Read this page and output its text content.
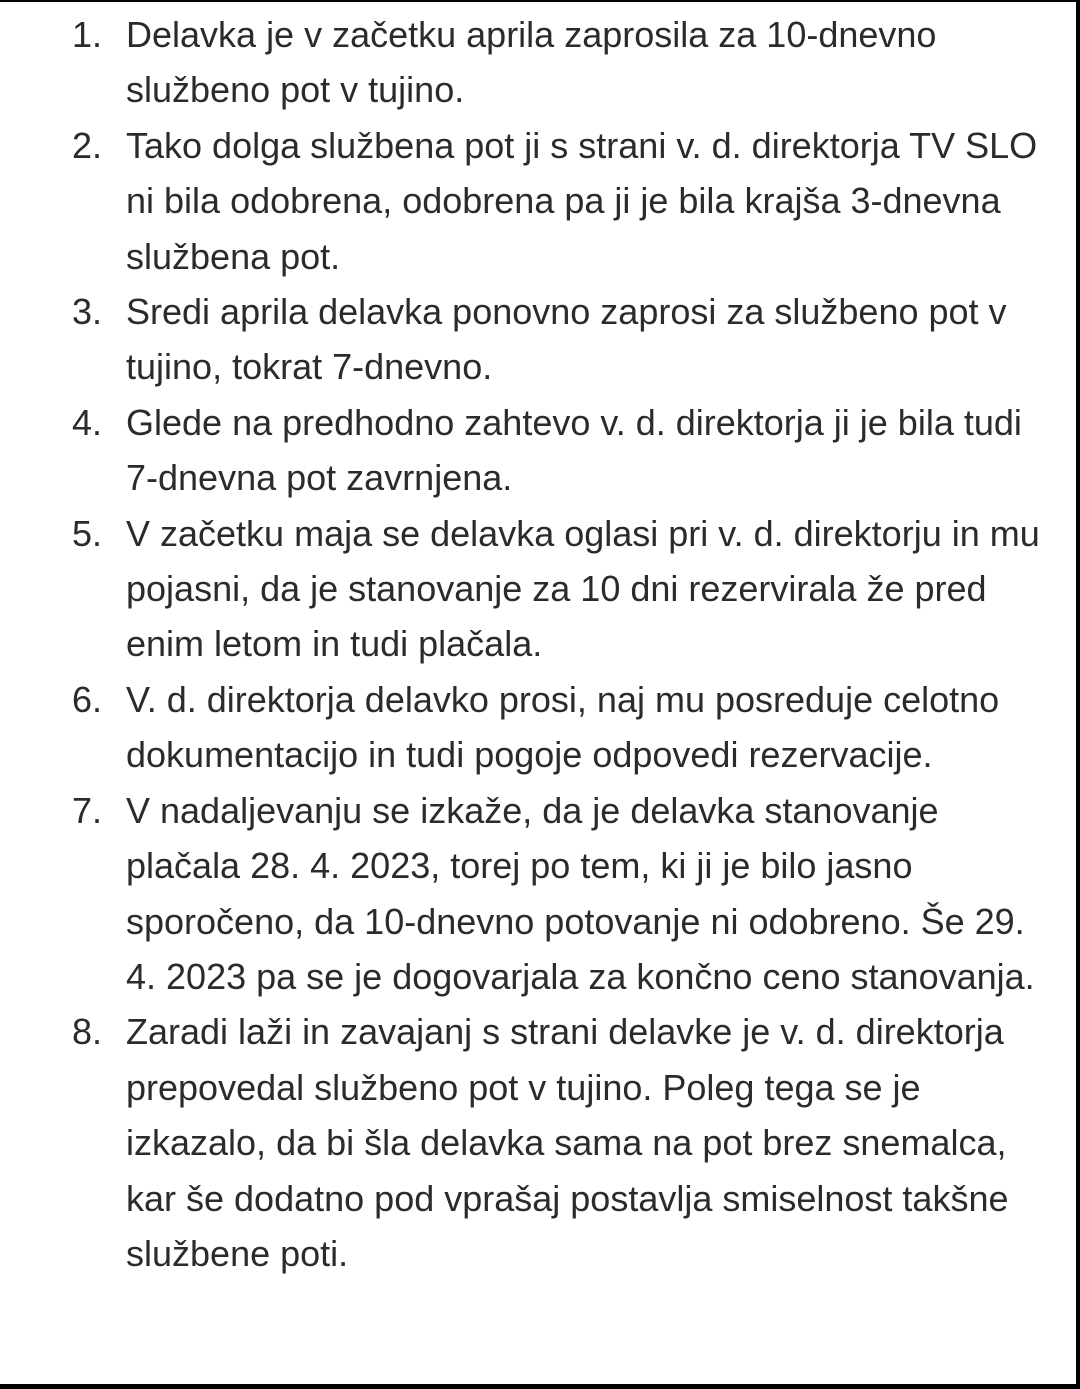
1. Delavka je v začetku aprila zaprosila za 10-dnevno službeno pot v tujino.
2. Tako dolga službena pot ji s strani v. d. direktorja TV SLO ni bila odobrena, odobrena pa ji je bila krajša 3-dnevna službena pot.
3. Sredi aprila delavka ponovno zaprosi za službeno pot v tujino, tokrat 7-dnevno.
4. Glede na predhodno zahtevo v. d. direktorja ji je bila tudi 7-dnevna pot zavrnjena.
5. V začetku maja se delavka oglasi pri v. d. direktorju in mu pojasni, da je stanovanje za 10 dni rezervirala že pred enim letom in tudi plačala.
6. V. d. direktorja delavko prosi, naj mu posreduje celotno dokumentacijo in tudi pogoje odpovedi rezervacije.
7. V nadaljevanju se izkaže, da je delavka stanovanje plačala 28. 4. 2023, torej po tem, ki ji je bilo jasno sporočeno, da 10-dnevno potovanje ni odobreno. Še 29. 4. 2023 pa se je dogovarjala za končno ceno stanovanja.
8. Zaradi laži in zavajanj s strani delavke je v. d. direktorja prepovedal službeno pot v tujino. Poleg tega se je izkazalo, da bi šla delavka sama na pot brez snemalca, kar še dodatno pod vprašaj postavlja smiselnost takšne službene poti.
